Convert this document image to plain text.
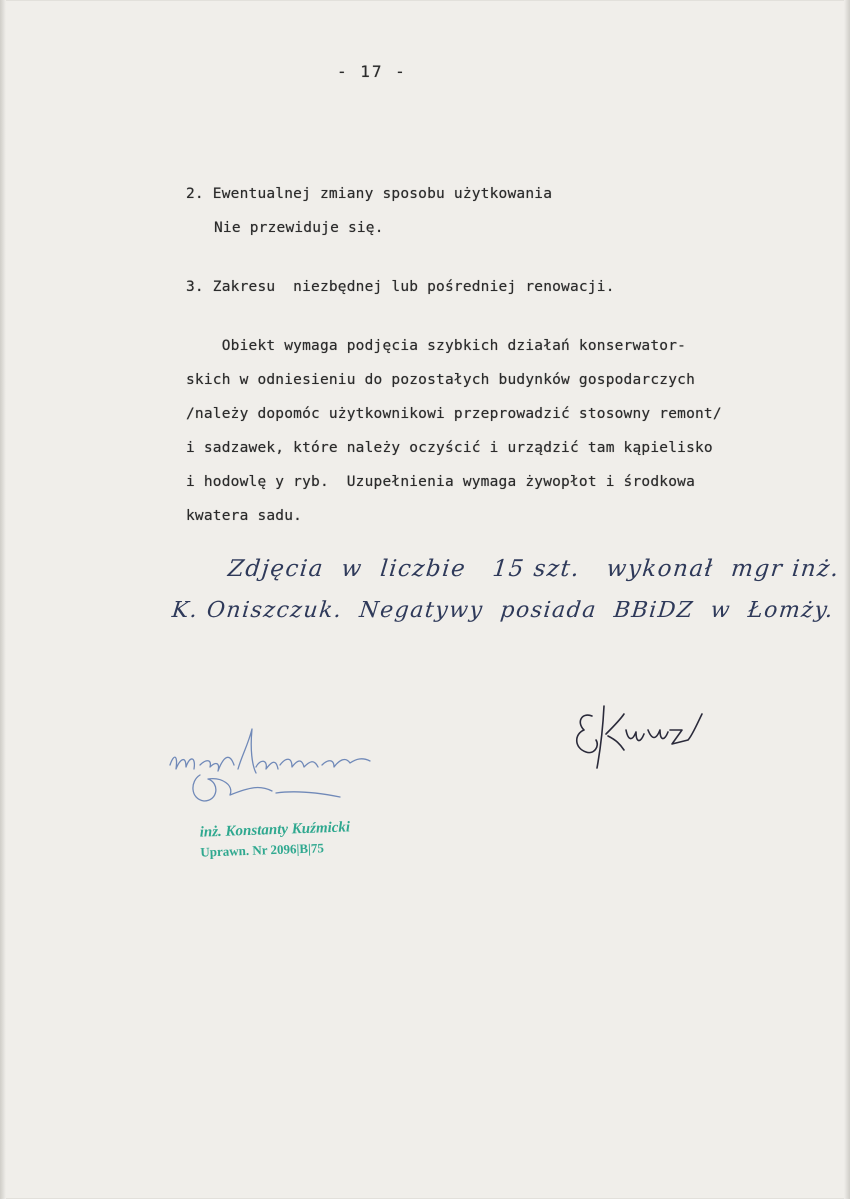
- 17 -
2. Ewentualnej zmiany sposobu użytkowania
Nie przewiduje się.
3. Zakresu  niezbędnej lub pośredniej renowacji.
Obiekt wymaga podjęcia szybkich działań konserwator-
skich w odniesieniu do pozostałych budynków gospodarczych
/należy dopomóc użytkownikowi przeprowadzić stosowny remont/
i sadzawek, które należy oczyścić i urządzić tam kąpielisko
i hodowlę y ryb.  Uzupełnienia wymaga żywopłot i środkowa
kwatera sadu.
Zdjęcia  w  liczbie   15 szt.   wykonał  mgr inż.
K. Oniszczuk.  Negatywy  posiada  BBiDZ  w  Łomży.
inż. Konstanty Kuźmicki
Uprawn. Nr 2096|B|75
